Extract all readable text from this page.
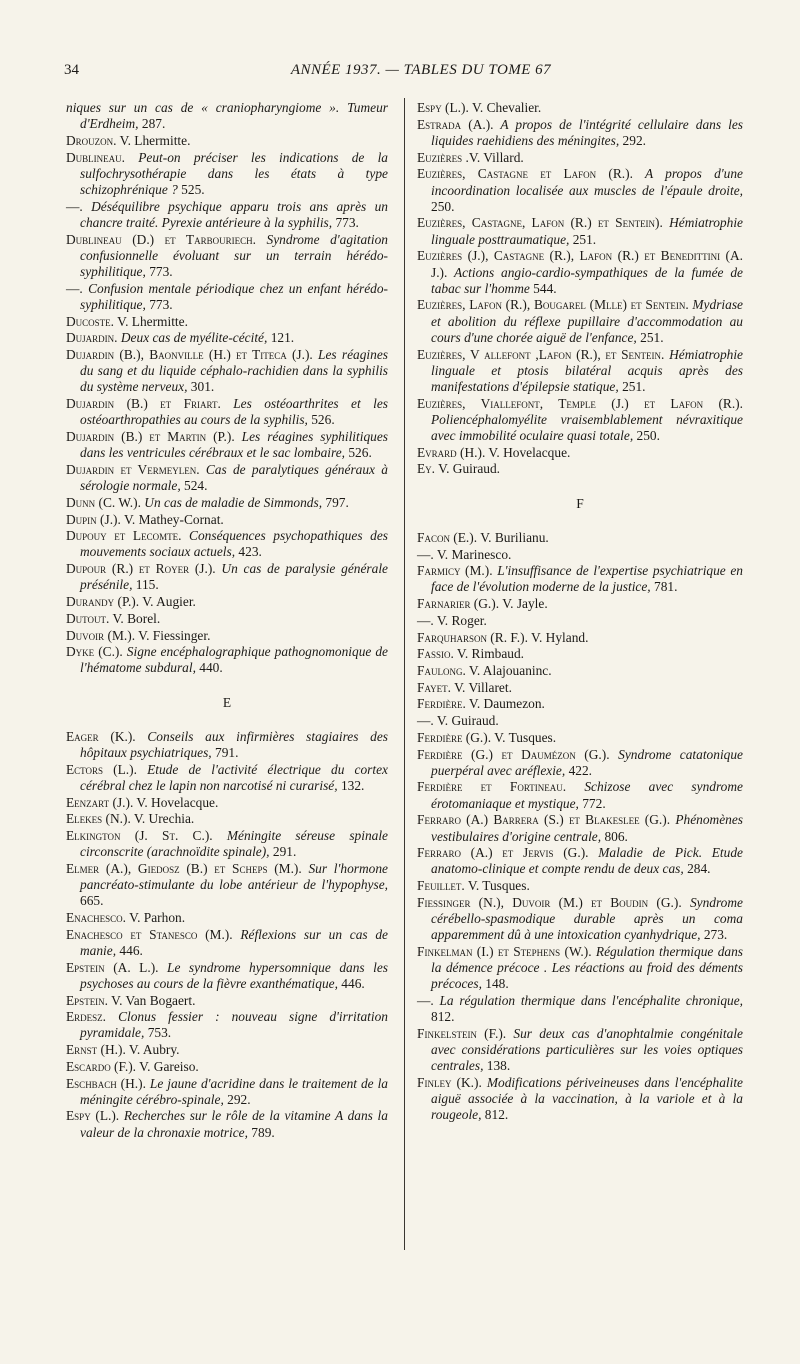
34	ANNÉE 1937. — TABLES DU TOME 67
niques sur un cas de « craniopharyngiome ». Tumeur d'Erdheim, 287.
Drouzon. V. Lhermitte.
Dublineau. Peut-on préciser les indications de la sulfochrysothérapie dans les états à type schizophrénique ? 525.
—. Déséquilibre psychique apparu trois ans après un chancre traité. Pyrexie antérieure à la syphilis, 773.
Dublineau (D.) et Tarbouriech. Syndrome d'agitation confusionnelle évoluant sur un terrain hérédo-syphilitique, 773.
—. Confusion mentale périodique chez un enfant hérédo-syphilitique, 773.
Ducoste. V. Lhermitte.
Dujardin. Deux cas de myélite-cécité, 121.
Dujardin (B.), Baonville (H.) et Titeca (J.). Les réagines du sang et du liquide céphalo-rachidien dans la syphilis du système nerveux, 301.
Dujardin (B.) et Friart. Les ostéoarthrites et les ostéoarthropathies au cours de la syphilis, 526.
Dujardin (B.) et Martin (P.). Les réagines syphilitiques dans les ventricules cérébraux et le sac lombaire, 526.
Dujardin et Vermeylen. Cas de paralytiques généraux à sérologie normale, 524.
Dunn (C. W.). Un cas de maladie de Simmonds, 797.
Dupin (J.). V. Mathey-Cornat.
Dupouy et Lecomte. Conséquences psychopathiques des mouvements sociaux actuels, 423.
Dupour (R.) et Royer (J.). Un cas de paralysie générale présénile, 115.
Durandy (P.). V. Augier.
Dutout. V. Borel.
Duvoir (M.). V. Fiessinger.
Dyke (C.). Signe encéphalographique pathognomonique de l'hématome subdural, 440.
E
Eager (K.). Conseils aux infirmières stagiaires des hôpitaux psychiatriques, 791.
Ectors (L.). Etude de l'activité électrique du cortex cérébral chez le lapin non narcotisé ni curarisé, 132.
Eenzart (J.). V. Hovelacque.
Elekes (N.). V. Urechia.
Elkington (J. St. C.). Méningite séreuse spinale circonscrite (arachnoïdite spinale), 291.
Elmer (A.), Giedosz (B.) et Scheps (M.). Sur l'hormone pancréato-stimulante du lobe antérieur de l'hypophyse, 665.
Enachesco. V. Parhon.
Enachesco et Stanesco (M.). Réflexions sur un cas de manie, 446.
Epstein (A. L.). Le syndrome hypersomnique dans les psychoses au cours de la fièvre exanthématique, 446.
Epstein. V. Van Bogaert.
Erdesz. Clonus fessier : nouveau signe d'irritation pyramidale, 753.
Ernst (H.). V. Aubry.
Escardo (F.). V. Gareiso.
Eschbach (H.). Le jaune d'acridine dans le traitement de la méningite cérébro-spinale, 292.
Espy (L.). Recherches sur le rôle de la vitamine A dans la valeur de la chronaxie motrice, 789.
Espy (L.). V. Chevalier.
Estrada (A.). A propos de l'intégrité cellulaire dans les liquides raehidiens des méningites, 292.
Euzières .V. Villard.
Euzières, Castagne et Lafon (R.). A propos d'une incoordination localisée aux muscles de l'épaule droite, 250.
Euzières, Castagne, Lafon (R.) et Sentein). Hémiatrophie linguale posttraumatique, 251.
Euzières (J.), Castagne (R.), Lafon (R.) et Benedittini (A. J.). Actions angio-cardio-sympathiques de la fumée de tabac sur l'homme 544.
Euzières, Lafon (R.), Bougarel (Mlle) et Sentein. Mydriase et abolition du réflexe pupillaire d'accommodation au cours d'une chorée aiguë de l'enfance, 251.
Euzières, V allefont ,Lafon (R.), et Sentein. Hémiatrophie linguale et ptosis bilatéral acquis après des manifestations d'épilepsie statique, 251.
Euzières, Viallefont, Temple (J.) et Lafon (R.). Poliencéphalomyélite vraisemblablement névraxitique avec immobilité oculaire quasi totale, 250.
Evrard (H.). V. Hovelacque.
Ey. V. Guiraud.
F
Facon (E.). V. Burilianu.
—. V. Marinesco.
Farmicy (M.). L'insuffisance de l'expertise psychiatrique en face de l'évolution moderne de la justice, 781.
Farnarier (G.). V. Jayle.
—. V. Roger.
Farquharson (R. F.). V. Hyland.
Fassio. V. Rimbaud.
Faulong. V. Alajouaninc.
Fayet. V. Villaret.
Ferdière. V. Daumezon.
—. V. Guiraud.
Ferdière (G.). V. Tusques.
Ferdière (G.) et Dauмézon (G.). Syndrome catatonique puerpéral avec aréflexie, 422.
Ferdière et Fortineau. Schizose avec syndrome érotomaniaque et mystique, 772.
Ferraro (A.) Barrera (S.) et Blakeslee (G.). Phénomènes vestibulaires d'origine centrale, 806.
Ferraro (A.) et Jervis (G.). Maladie de Pick. Etude anatomo-clinique et compte rendu de deux cas, 284.
Feuillet. V. Tusques.
Fiessinger (N.), Duvoir (M.) et Boudin (G.). Syndrome cérébello-spasmodique durable après un coma apparemment dû à une intoxication cyanhydrique, 273.
Finkelman (I.) et Stephens (W.). Régulation thermique dans la démence précoce . Les réactions au froid des déments précoces, 148.
—. La régulation thermique dans l'encéphalite chronique, 812.
Finkelstein (F.). Sur deux cas d'anophtalmie congénitale avec considérations particulières sur les voies optiques centrales, 138.
Finley (K.). Modifications périveineuses dans l'encéphalite aiguë associée à la vaccination, à la variole et à la rougeole, 812.
